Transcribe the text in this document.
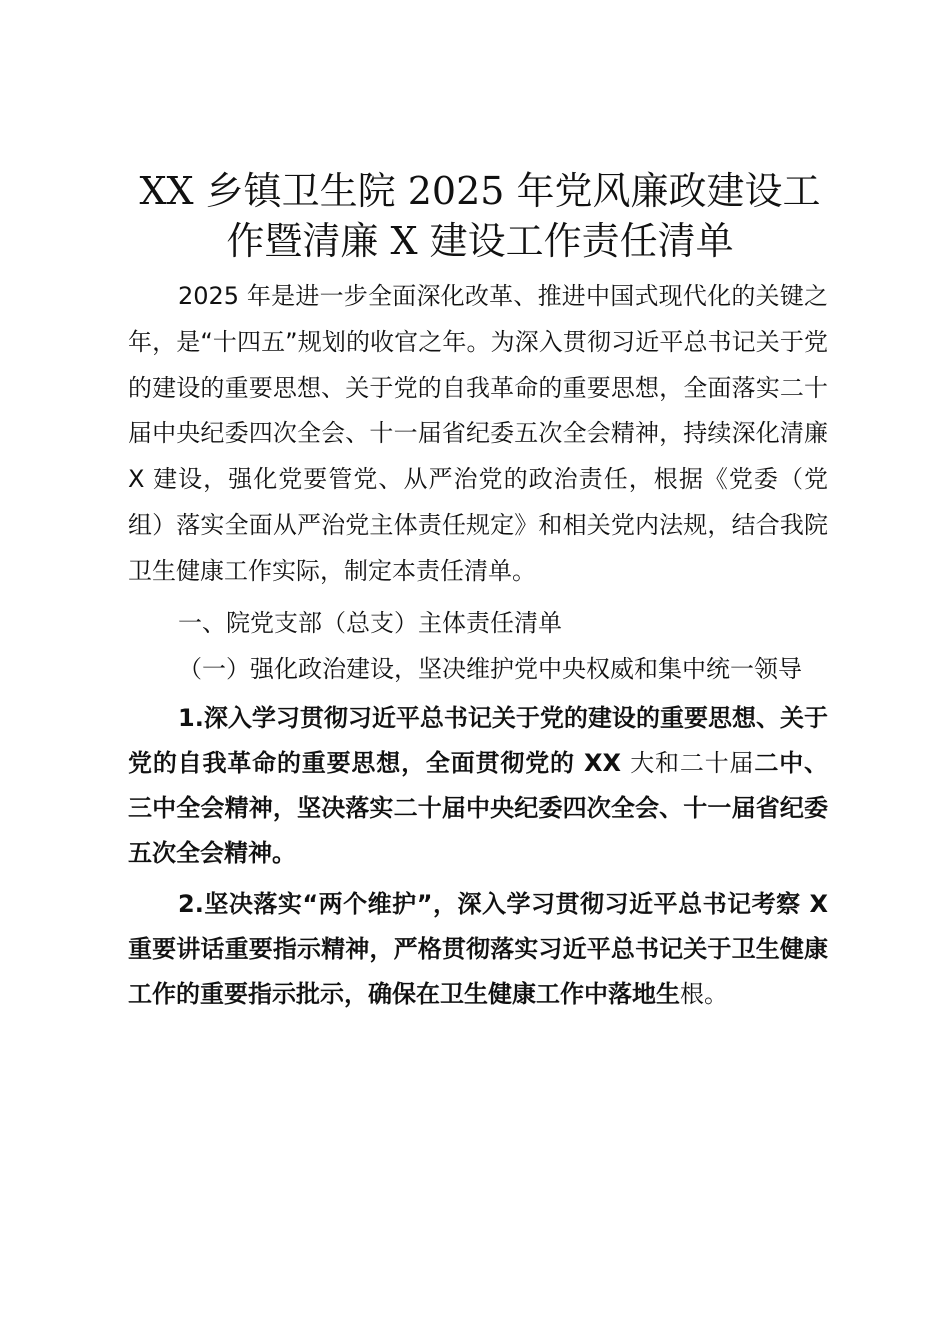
XX 乡镇卫生院 2025 年党风廉政建设工
作暨清廉 X 建设工作责任清单

2025 年是进一步全面深化改革、推进中国式现代化的关键之年，是“十四五”规划的收官之年。为深入贯彻习近平总书记关于党的建设的重要思想、关于党的自我革命的重要思想，全面落实二十届中央纪委四次全会、十一届省纪委五次全会精神，持续深化清廉 X 建设，强化党要管党、从严治党的政治责任，根据《党委（党组）落实全面从严治党主体责任规定》和相关党内法规，结合我院卫生健康工作实际，制定本责任清单。

一、院党支部（总支）主体责任清单

（一）强化政治建设，坚决维护党中央权威和集中统一领导

1.深入学习贯彻习近平总书记关于党的建设的重要思想、关于党的自我革命的重要思想，全面贯彻党的 XX 大和二十届二中、三中全会精神，坚决落实二十届中央纪委四次全会、十一届省纪委五次全会精神。

2.坚决落实“两个维护”，深入学习贯彻习近平总书记考察 X 重要讲话重要指示精神，严格贯彻落实习近平总书记关于卫生健康工作的重要指示批示，确保在卫生健康工作中落地生根。
